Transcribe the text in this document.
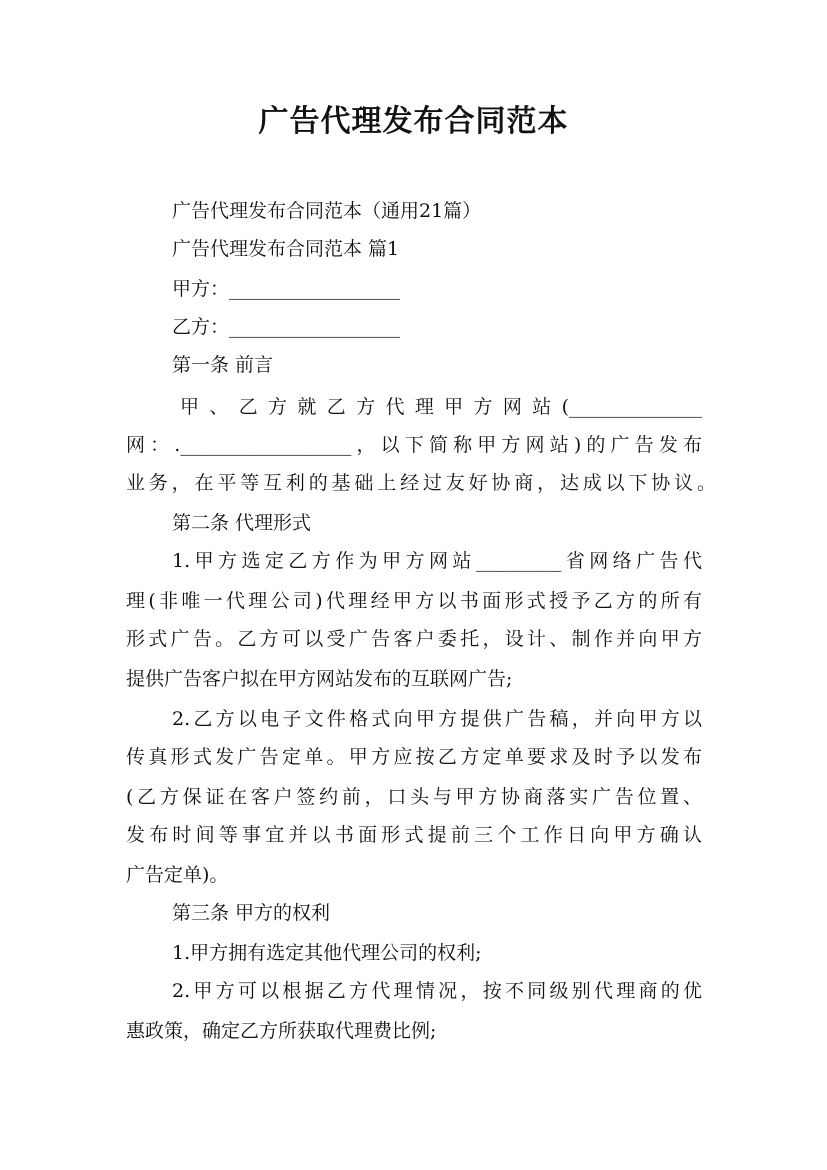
广告代理发布合同范本
广告代理发布合同范本（通用21篇）
广告代理发布合同范本 篇1
甲方：__________________
乙方：__________________
第一条 前言
甲、乙方就乙方代理甲方网站(______________
网：.__________________，以下简称甲方网站)的广告发布
业务，在平等互利的基础上经过友好协商，达成以下协议。
第二条 代理形式
1.甲方选定乙方作为甲方网站_________省网络广告代
理(非唯一代理公司)代理经甲方以书面形式授予乙方的所有
形式广告。乙方可以受广告客户委托，设计、制作并向甲方
提供广告客户拟在甲方网站发布的互联网广告;
2.乙方以电子文件格式向甲方提供广告稿，并向甲方以
传真形式发广告定单。甲方应按乙方定单要求及时予以发布
(乙方保证在客户签约前，口头与甲方协商落实广告位置、
发布时间等事宜并以书面形式提前三个工作日向甲方确认
广告定单)。
第三条 甲方的权利
1.甲方拥有选定其他代理公司的权利;
2.甲方可以根据乙方代理情况，按不同级别代理商的优
惠政策，确定乙方所获取代理费比例;
